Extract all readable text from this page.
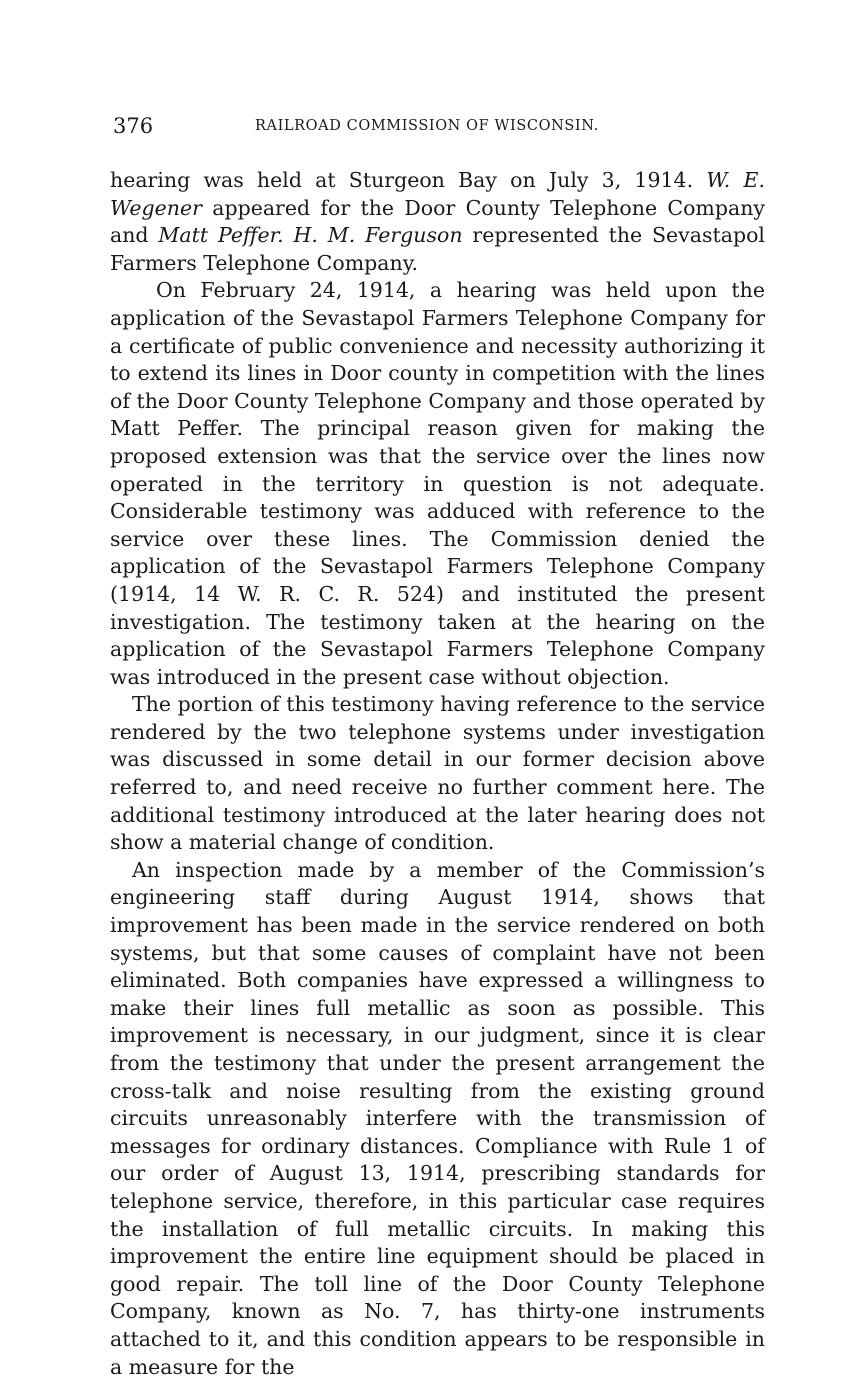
376	RAILROAD COMMISSION OF WISCONSIN.

hearing was held at Sturgeon Bay on July 3, 1914. W. E. Wegener appeared for the Door County Telephone Company and Matt Peffer. H. M. Ferguson represented the Sevastapol Farmers Telephone Company.

On February 24, 1914, a hearing was held upon the application of the Sevastapol Farmers Telephone Company for a certificate of public convenience and necessity authorizing it to extend its lines in Door county in competition with the lines of the Door County Telephone Company and those operated by Matt Peffer. The principal reason given for making the proposed extension was that the service over the lines now operated in the territory in question is not adequate. Considerable testimony was adduced with reference to the service over these lines. The Commission denied the application of the Sevastapol Farmers Telephone Company (1914, 14 W. R. C. R. 524) and instituted the present investigation. The testimony taken at the hearing on the application of the Sevastapol Farmers Telephone Company was introduced in the present case without objection.

The portion of this testimony having reference to the service rendered by the two telephone systems under investigation was discussed in some detail in our former decision above referred to, and need receive no further comment here. The additional testimony introduced at the later hearing does not show a material change of condition.

An inspection made by a member of the Commission’s engineering staff during August 1914, shows that improvement has been made in the service rendered on both systems, but that some causes of complaint have not been eliminated. Both companies have expressed a willingness to make their lines full metallic as soon as possible. This improvement is necessary, in our judgment, since it is clear from the testimony that under the present arrangement the cross-talk and noise resulting from the existing ground circuits unreasonably interfere with the transmission of messages for ordinary distances. Compliance with Rule 1 of our order of August 13, 1914, prescribing standards for telephone service, therefore, in this particular case requires the installation of full metallic circuits. In making this improvement the entire line equipment should be placed in good repair. The toll line of the Door County Telephone Company, known as No. 7, has thirty-one instruments attached to it, and this condition appears to be responsible in a measure for the
